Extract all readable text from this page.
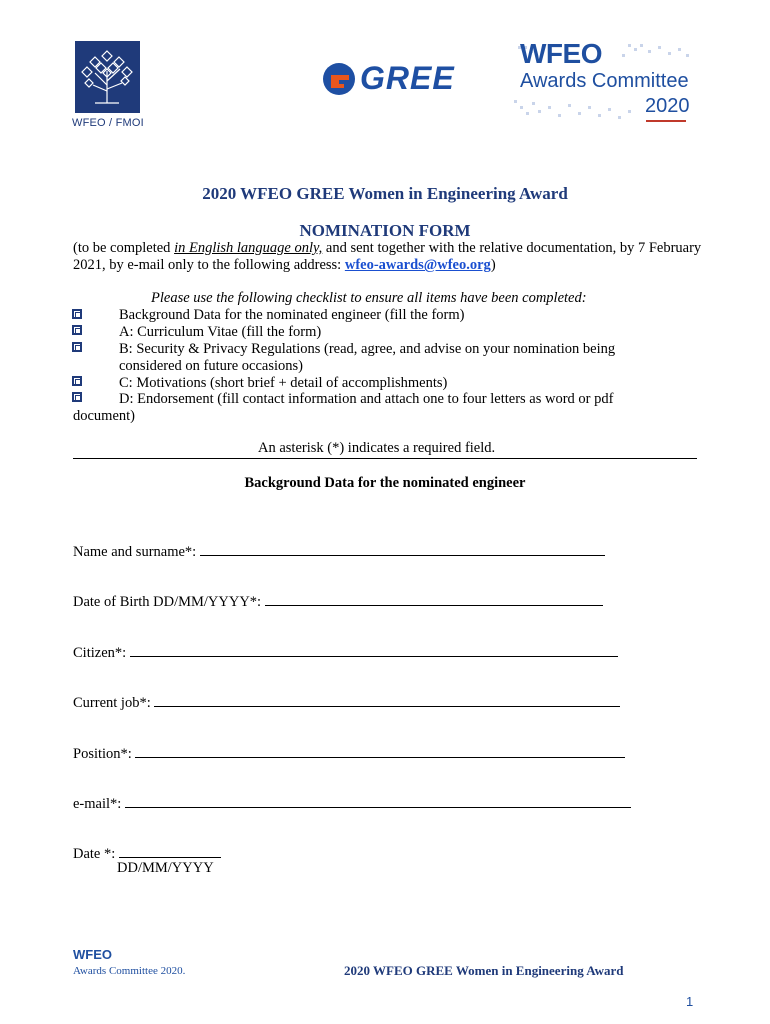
WFEO / FMOI
GREE
WFEO
Awards Committee
2020
2020 WFEO GREE Women in Engineering Award
NOMINATION FORM
(to be completed in English language only, and sent together with the relative documentation, by 7 February 2021, by e-mail only to the following address: wfeo-awards@wfeo.org)
Please use the following checklist to ensure all items have been completed:
Background Data for the nominated engineer (fill the form)
A: Curriculum Vitae (fill the form)
B: Security & Privacy Regulations (read, agree, and advise on your nomination being
considered on future occasions)
C: Motivations (short brief + detail of accomplishments)
D: Endorsement (fill contact information and attach one to four letters as word or pdf
document)
An asterisk (*) indicates a required field.
Background Data for the nominated engineer
Name and surname*:
Date of Birth DD/MM/YYYY*:
Citizen*:
Current job*:
Position*:
e-mail*:
Date *:
DD/MM/YYYY
WFEO
Awards Committee 2020.	2020 WFEO GREE Women in Engineering Award
1
